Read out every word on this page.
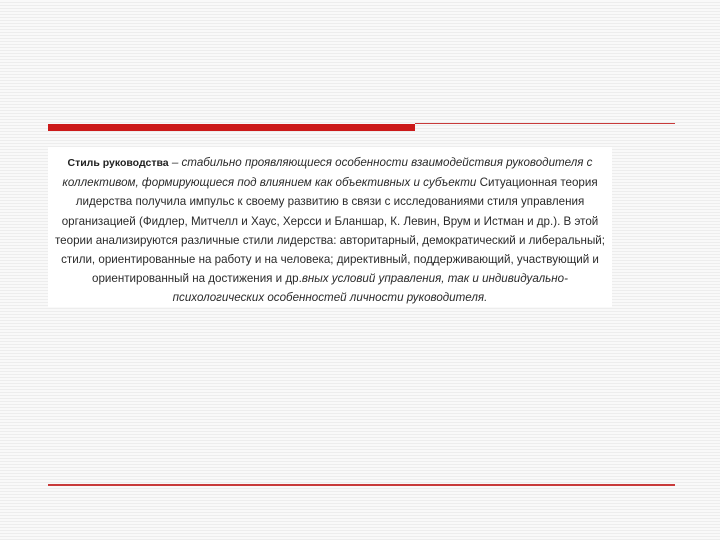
Стиль руководства – стабильно проявляющиеся особенности взаимодействия руководителя с коллективом, формирующиеся под влиянием как объективных и субъекти Ситуационная теория лидерства получила импульс к своему развитию в связи с исследованиями стиля управления организацией (Фидлер, Митчелл и Хаус, Херсси и Бланшар, К. Левин, Врум и Истман и др.). В этой теории анализируются различные стили лидерства: авторитарный, демократический и либеральный; стили, ориентированные на работу и на человека; директивный, поддерживающий, участвующий и ориентированный на достижения и др.вных условий управления, так и индивидуально-психологических особенностей личности руководителя.
